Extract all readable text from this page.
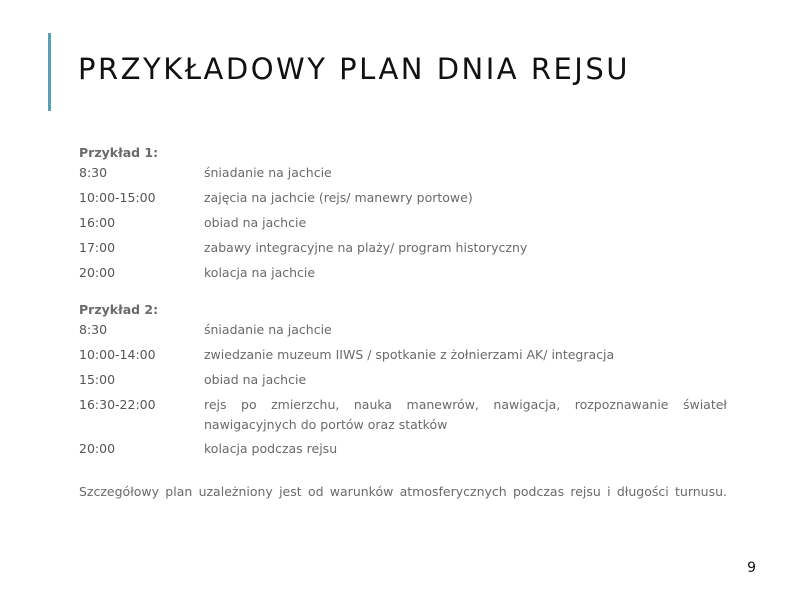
PRZYKŁADOWY PLAN DNIA REJSU
Przykład 1:
8:30	śniadanie na jachcie
10:00-15:00	zajęcia na jachcie (rejs/ manewry portowe)
16:00	obiad na jachcie
17:00	zabawy integracyjne na plaży/ program historyczny
20:00	kolacja na jachcie
Przykład 2:
8:30	śniadanie na jachcie
10:00-14:00	zwiedzanie muzeum IIWS / spotkanie z żołnierzami AK/ integracja
15:00	obiad na jachcie
16:30-22:00	rejs po zmierzchu, nauka manewrów, nawigacja, rozpoznawanie świateł nawigacyjnych do portów oraz statków
20:00	kolacja podczas rejsu
Szczegółowy plan uzależniony jest od warunków atmosferycznych podczas rejsu i długości turnusu.
9
